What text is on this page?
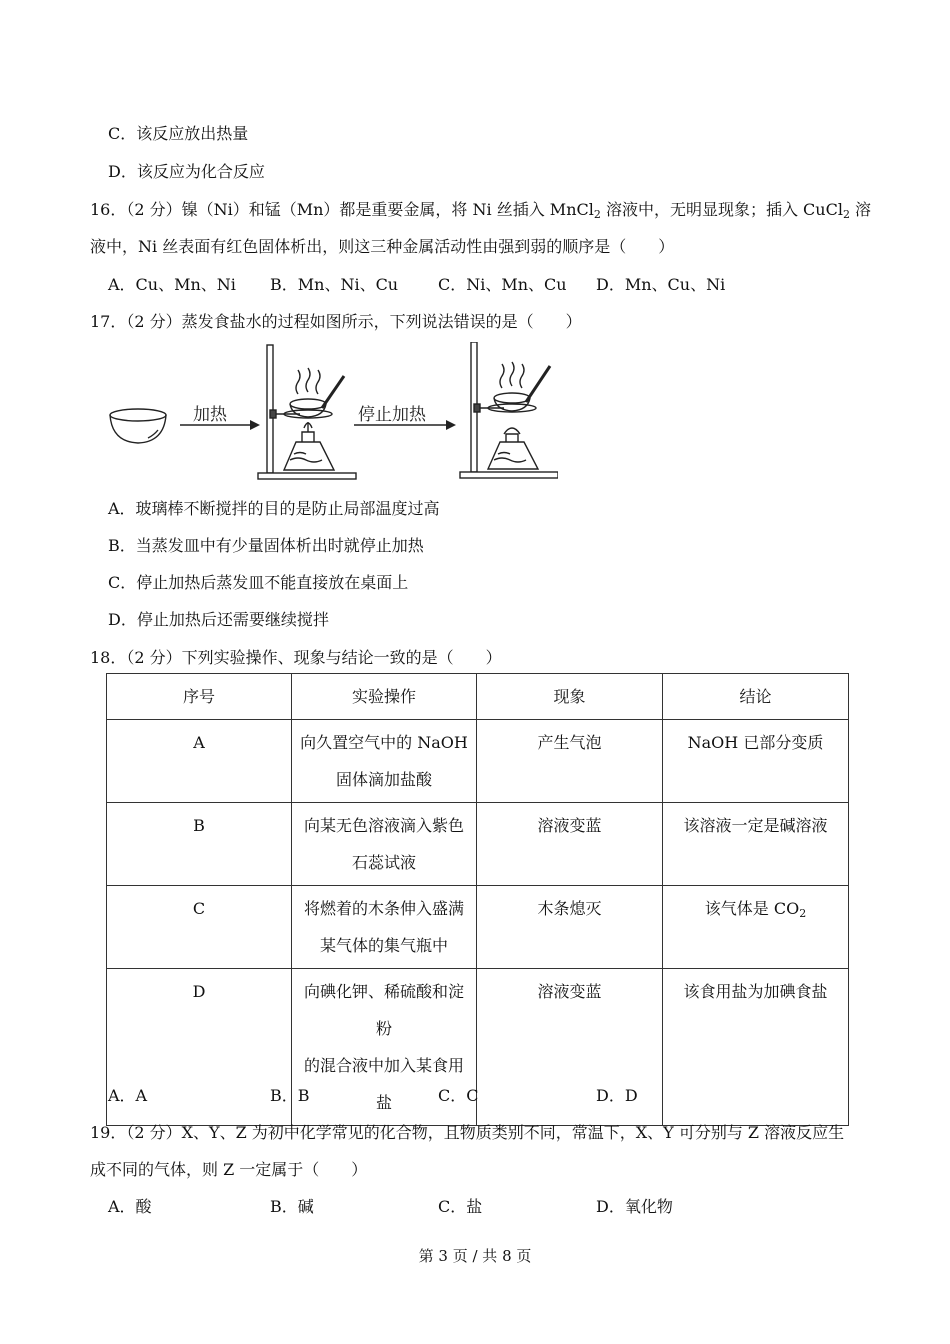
C．该反应放出热量
D．该反应为化合反应
16．（2 分）镍（Ni）和锰（Mn）都是重要金属，将 Ni 丝插入 MnCl$_2$ 溶液中，无明显现象；插入 CuCl$_2$ 溶
液中，Ni 丝表面有红色固体析出，则这三种金属活动性由强到弱的顺序是（　　）
A．Cu、Mn、Ni B．Mn、Ni、Cu C．Ni、Mn、Cu D．Mn、Cu、Ni
17．（2 分）蒸发食盐水的过程如图所示，下列说法错误的是（　　）
加热	停止加热
A．玻璃棒不断搅拌的目的是防止局部温度过高
B．当蒸发皿中有少量固体析出时就停止加热
C．停止加热后蒸发皿不能直接放在桌面上
D．停止加热后还需要继续搅拌
18．（2 分）下列实验操作、现象与结论一致的是（　　）
序号	实验操作	现象	结论
A	向久置空气中的 NaOH
固体滴加盐酸	产生气泡	NaOH 已部分变质
B	向某无色溶液滴入紫色
石蕊试液	溶液变蓝	该溶液一定是碱溶液
C	将燃着的木条伸入盛满
某气体的集气瓶中	木条熄灭	该气体是 $CO_2$
D	向碘化钾、稀硫酸和淀粉
的混合液中加入某食用
盐	溶液变蓝	该食用盐为加碘食盐
A．A	B．B	C．C	D．D
19．（2 分）X、Y、Z 为初中化学常见的化合物，且物质类别不同，常温下，X、Y 可分别与 Z 溶液反应生
成不同的气体，则 Z 一定属于（　　）
A．酸	B．碱	C．盐	D．氧化物
第 3 页 / 共 8 页
